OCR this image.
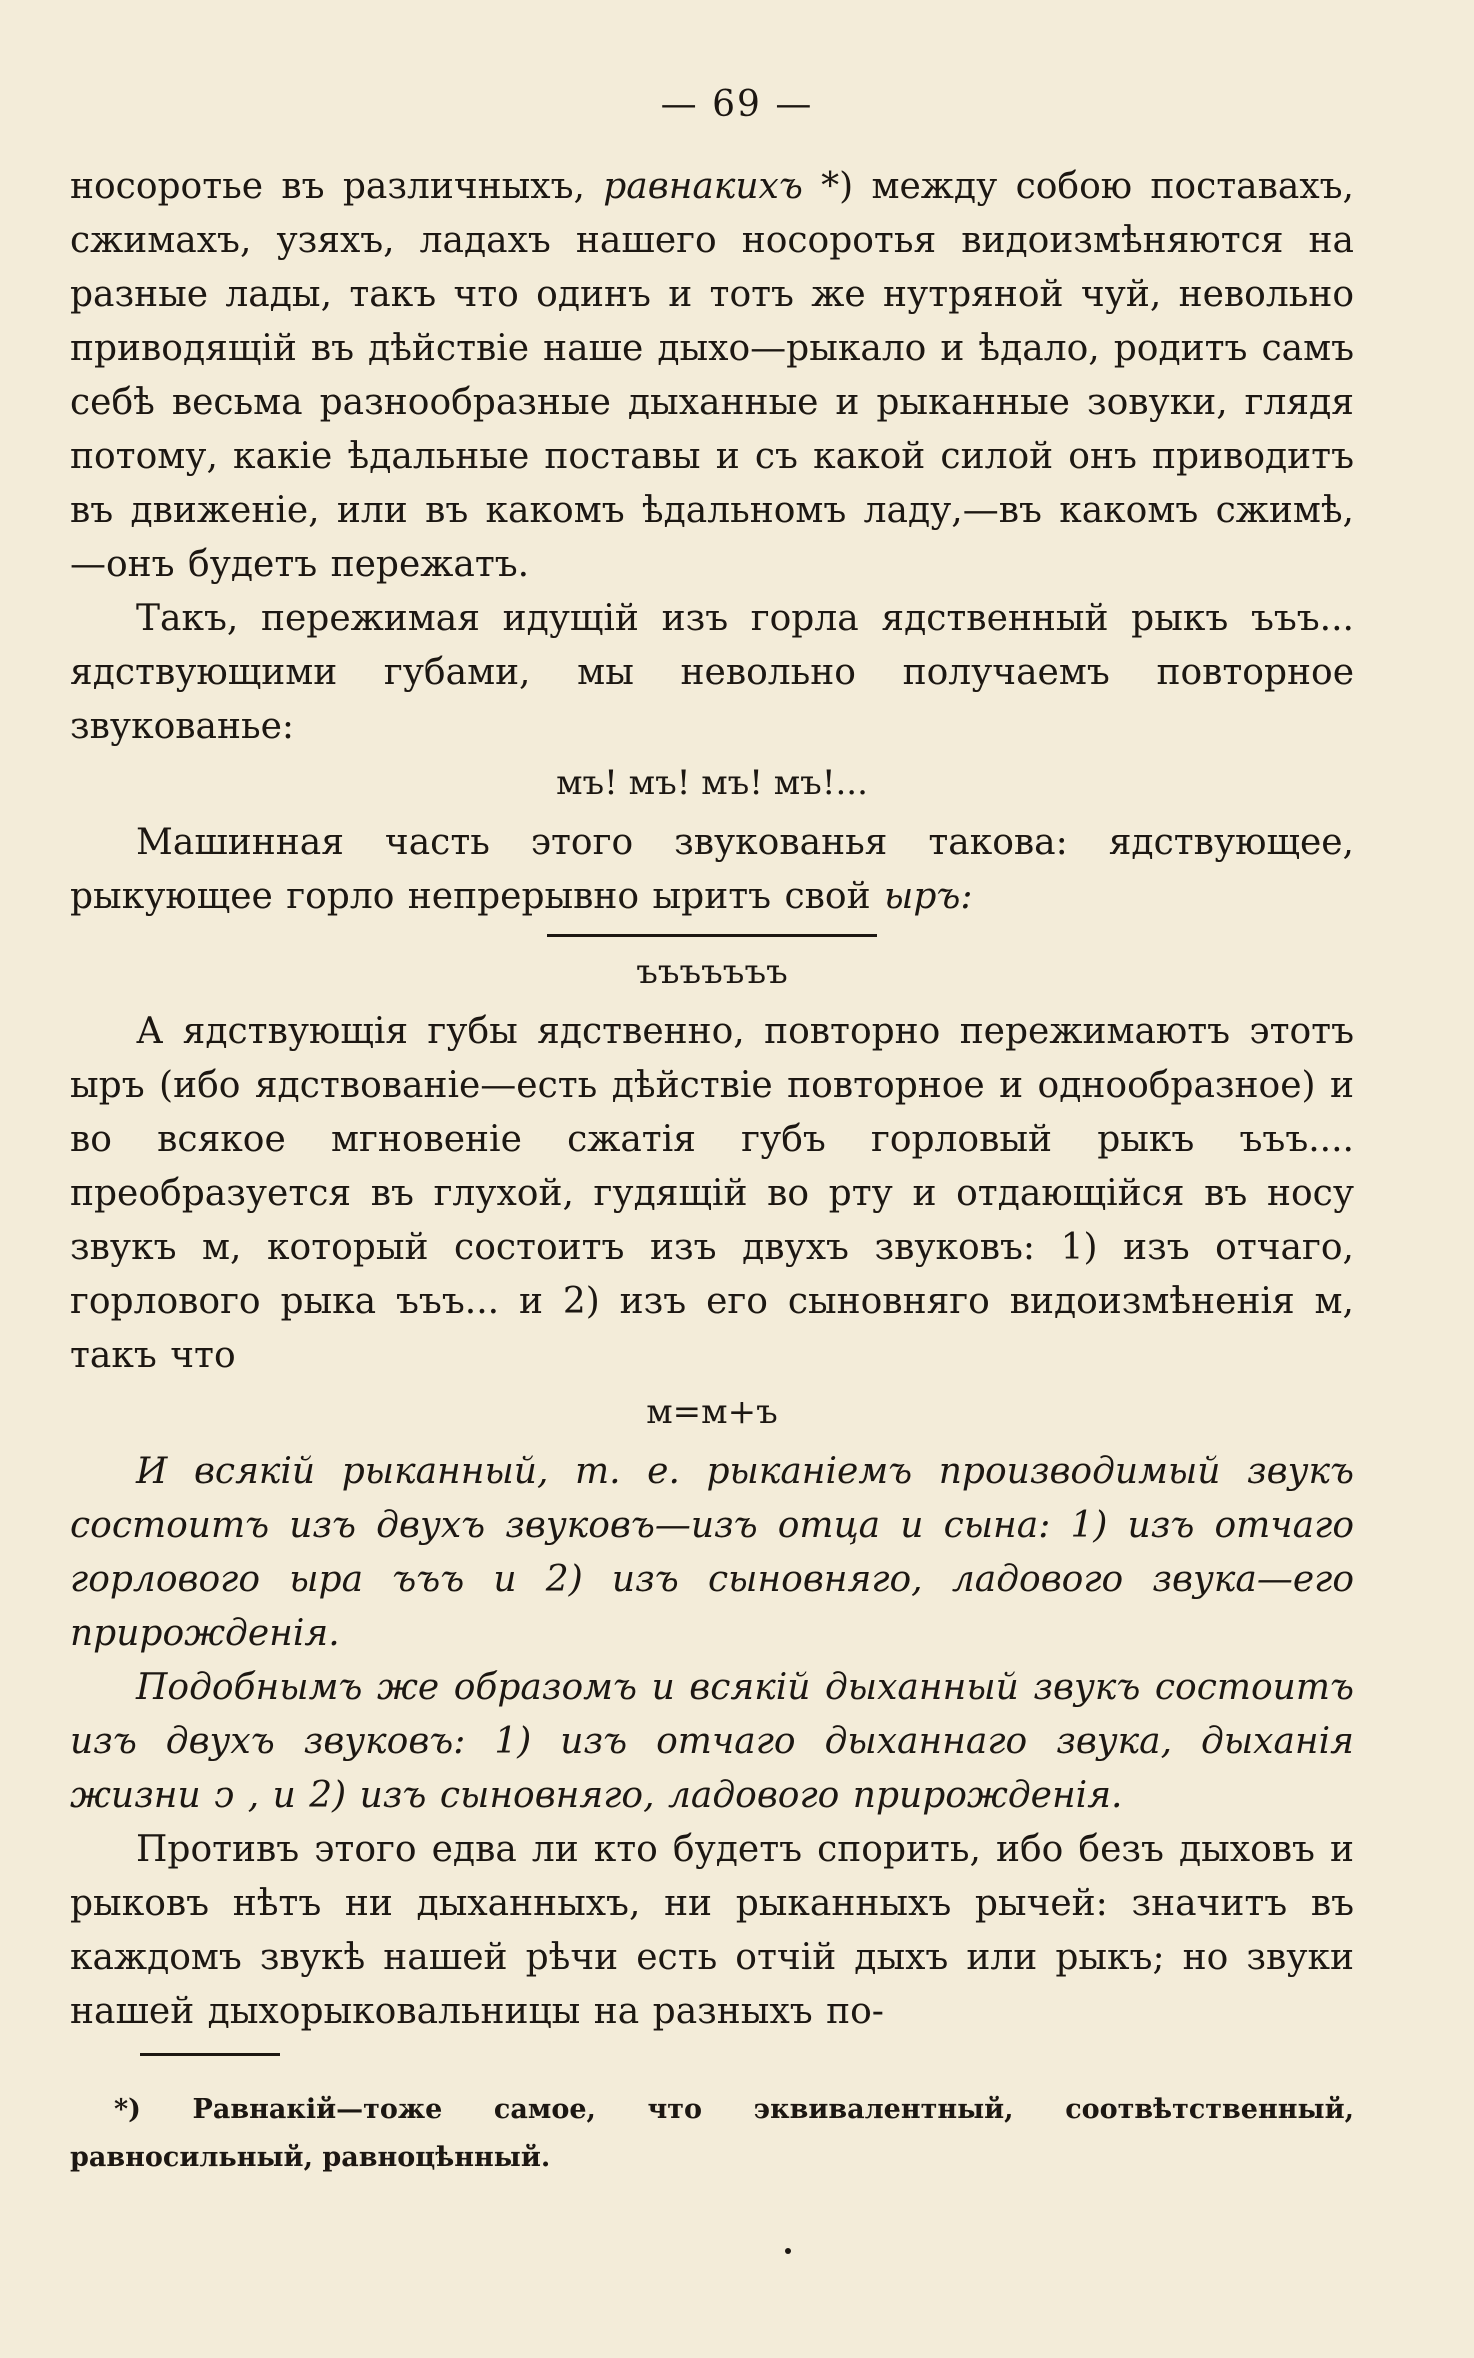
— 69 —

носоротье въ различныхъ, равнакихъ *) между собою поставахъ, сжимахъ, узяхъ, ладахъ нашего носоротья видоизмѣняются на разные лады, такъ что одинъ и тотъ же нутряной чуй, невольно приводящій въ дѣйствіе наше дыхо—рыкало и ѣдало, родитъ самъ себѣ весьма разнообразные дыханные и рыканные зовуки, глядя потому, какіе ѣдальные поставы и съ какой силой онъ приводитъ въ движеніе, или въ какомъ ѣдальномъ ладу,—въ какомъ сжимѣ,—онъ будетъ пережатъ.

Такъ, пережимая идущій изъ горла ядственный рыкъ ъъъ... ядствующими губами, мы невольно получаемъ повторное звукованье:

мъ! мъ! мъ! мъ!...

Машинная часть этого звукованья такова: ядствующее, рыкующее горло непрерывно ыритъ свой ыръ:

ъъъъъъъ

А ядствующія губы ядственно, повторно пережимаютъ этотъ ыръ (ибо ядствованіе—есть дѣйствіе повторное и однообразное) и во всякое мгновеніе сжатія губъ горловый рыкъ ъъъ.... преобразуется въ глухой, гудящій во рту и отдающійся въ носу звукъ м, который состоитъ изъ двухъ звуковъ: 1) изъ отчаго, горлового рыка ъъъ... и 2) изъ его сыновняго видоизмѣненія м, такъ что

м=м+ъ

И всякій рыканный, т. е. рыканіемъ производимый звукъ состоитъ изъ двухъ звуковъ—изъ отца и сына: 1) изъ отчаго горлового ыра ъъъ и 2) изъ сыновняго, ладового звука—его прирожденія.

Подобнымъ же образомъ и всякій дыханный звукъ состоитъ изъ двухъ звуковъ: 1) изъ отчаго дыханнаго звука, дыханія жизни ͻ , и 2) изъ сыновняго, ладового прирожденія.

Противъ этого едва ли кто будетъ спорить, ибо безъ дыховъ и рыковъ нѣтъ ни дыханныхъ, ни рыканныхъ рычей: значитъ въ каждомъ звукѣ нашей рѣчи есть отчій дыхъ или рыкъ; но звуки нашей дыхорыковальницы на разныхъ по-

*) Равнакій—тоже самое, что эквивалентный, соотвѣтственный, равносильный, равноцѣнный.
